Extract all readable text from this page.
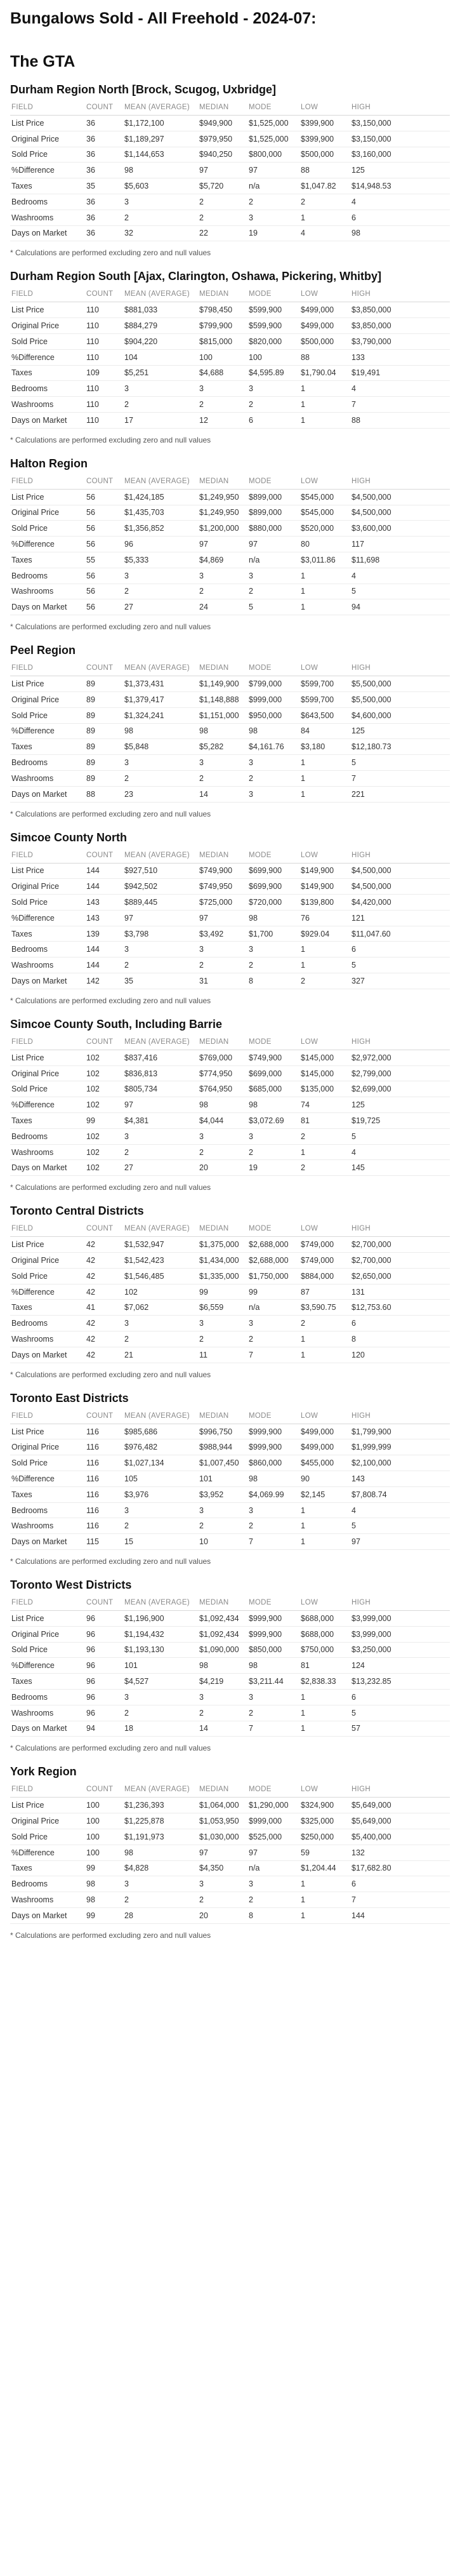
Bungalows Sold - All Freehold - 2024-07:
The GTA
Durham Region North [Brock, Scugog, Uxbridge]
FIELD	COUNT	MEAN (AVERAGE)	MEDIAN	MODE	LOW	HIGH
List Price	36	$1,172,100	$949,900	$1,525,000	$399,900	$3,150,000
Original Price	36	$1,189,297	$979,950	$1,525,000	$399,900	$3,150,000
Sold Price	36	$1,144,653	$940,250	$800,000	$500,000	$3,160,000
%Difference	36	98	97	97	88	125
Taxes	35	$5,603	$5,720	n/a	$1,047.82	$14,948.53
Bedrooms	36	3	2	2	2	4
Washrooms	36	2	2	3	1	6
Days on Market	36	32	22	19	4	98

* Calculations are performed excluding zero and null values

Durham Region South [Ajax, Clarington, Oshawa, Pickering, Whitby]
FIELD	COUNT	MEAN (AVERAGE)	MEDIAN	MODE	LOW	HIGH
List Price	110	$881,033	$798,450	$599,900	$499,000	$3,850,000
Original Price	110	$884,279	$799,900	$599,900	$499,000	$3,850,000
Sold Price	110	$904,220	$815,000	$820,000	$500,000	$3,790,000
%Difference	110	104	100	100	88	133
Taxes	109	$5,251	$4,688	$4,595.89	$1,790.04	$19,491
Bedrooms	110	3	3	3	1	4
Washrooms	110	2	2	2	1	7
Days on Market	110	17	12	6	1	88

* Calculations are performed excluding zero and null values

Halton Region
FIELD	COUNT	MEAN (AVERAGE)	MEDIAN	MODE	LOW	HIGH
List Price	56	$1,424,185	$1,249,950	$899,000	$545,000	$4,500,000
Original Price	56	$1,435,703	$1,249,950	$899,000	$545,000	$4,500,000
Sold Price	56	$1,356,852	$1,200,000	$880,000	$520,000	$3,600,000
%Difference	56	96	97	97	80	117
Taxes	55	$5,333	$4,869	n/a	$3,011.86	$11,698
Bedrooms	56	3	3	3	1	4
Washrooms	56	2	2	2	1	5
Days on Market	56	27	24	5	1	94

* Calculations are performed excluding zero and null values

Peel Region
FIELD	COUNT	MEAN (AVERAGE)	MEDIAN	MODE	LOW	HIGH
List Price	89	$1,373,431	$1,149,900	$799,000	$599,700	$5,500,000
Original Price	89	$1,379,417	$1,148,888	$999,000	$599,700	$5,500,000
Sold Price	89	$1,324,241	$1,151,000	$950,000	$643,500	$4,600,000
%Difference	89	98	98	98	84	125
Taxes	89	$5,848	$5,282	$4,161.76	$3,180	$12,180.73
Bedrooms	89	3	3	3	1	5
Washrooms	89	2	2	2	1	7
Days on Market	88	23	14	3	1	221

* Calculations are performed excluding zero and null values

Simcoe County North
FIELD	COUNT	MEAN (AVERAGE)	MEDIAN	MODE	LOW	HIGH
List Price	144	$927,510	$749,900	$699,900	$149,900	$4,500,000
Original Price	144	$942,502	$749,950	$699,900	$149,900	$4,500,000
Sold Price	143	$889,445	$725,000	$720,000	$139,800	$4,420,000
%Difference	143	97	97	98	76	121
Taxes	139	$3,798	$3,492	$1,700	$929.04	$11,047.60
Bedrooms	144	3	3	3	1	6
Washrooms	144	2	2	2	1	5
Days on Market	142	35	31	8	2	327

* Calculations are performed excluding zero and null values

Simcoe County South, Including Barrie
FIELD	COUNT	MEAN (AVERAGE)	MEDIAN	MODE	LOW	HIGH
List Price	102	$837,416	$769,000	$749,900	$145,000	$2,972,000
Original Price	102	$836,813	$774,950	$699,000	$145,000	$2,799,000
Sold Price	102	$805,734	$764,950	$685,000	$135,000	$2,699,000
%Difference	102	97	98	98	74	125
Taxes	99	$4,381	$4,044	$3,072.69	81	$19,725
Bedrooms	102	3	3	3	2	5
Washrooms	102	2	2	2	1	4
Days on Market	102	27	20	19	2	145

* Calculations are performed excluding zero and null values

Toronto Central Districts
FIELD	COUNT	MEAN (AVERAGE)	MEDIAN	MODE	LOW	HIGH
List Price	42	$1,532,947	$1,375,000	$2,688,000	$749,000	$2,700,000
Original Price	42	$1,542,423	$1,434,000	$2,688,000	$749,000	$2,700,000
Sold Price	42	$1,546,485	$1,335,000	$1,750,000	$884,000	$2,650,000
%Difference	42	102	99	99	87	131
Taxes	41	$7,062	$6,559	n/a	$3,590.75	$12,753.60
Bedrooms	42	3	3	3	2	6
Washrooms	42	2	2	2	1	8
Days on Market	42	21	11	7	1	120

* Calculations are performed excluding zero and null values

Toronto East Districts
FIELD	COUNT	MEAN (AVERAGE)	MEDIAN	MODE	LOW	HIGH
List Price	116	$985,686	$996,750	$999,900	$499,000	$1,799,900
Original Price	116	$976,482	$988,944	$999,900	$499,000	$1,999,999
Sold Price	116	$1,027,134	$1,007,450	$860,000	$455,000	$2,100,000
%Difference	116	105	101	98	90	143
Taxes	116	$3,976	$3,952	$4,069.99	$2,145	$7,808.74
Bedrooms	116	3	3	3	1	4
Washrooms	116	2	2	2	1	5
Days on Market	115	15	10	7	1	97

* Calculations are performed excluding zero and null values

Toronto West Districts
FIELD	COUNT	MEAN (AVERAGE)	MEDIAN	MODE	LOW	HIGH
List Price	96	$1,196,900	$1,092,434	$999,900	$688,000	$3,999,000
Original Price	96	$1,194,432	$1,092,434	$999,900	$688,000	$3,999,000
Sold Price	96	$1,193,130	$1,090,000	$850,000	$750,000	$3,250,000
%Difference	96	101	98	98	81	124
Taxes	96	$4,527	$4,219	$3,211.44	$2,838.33	$13,232.85
Bedrooms	96	3	3	3	1	6
Washrooms	96	2	2	2	1	5
Days on Market	94	18	14	7	1	57

* Calculations are performed excluding zero and null values

York Region
FIELD	COUNT	MEAN (AVERAGE)	MEDIAN	MODE	LOW	HIGH
List Price	100	$1,236,393	$1,064,000	$1,290,000	$324,900	$5,649,000
Original Price	100	$1,225,878	$1,053,950	$999,000	$325,000	$5,649,000
Sold Price	100	$1,191,973	$1,030,000	$525,000	$250,000	$5,400,000
%Difference	100	98	97	97	59	132
Taxes	99	$4,828	$4,350	n/a	$1,204.44	$17,682.80
Bedrooms	98	3	3	3	1	6
Washrooms	98	2	2	2	1	7
Days on Market	99	28	20	8	1	144

* Calculations are performed excluding zero and null values
